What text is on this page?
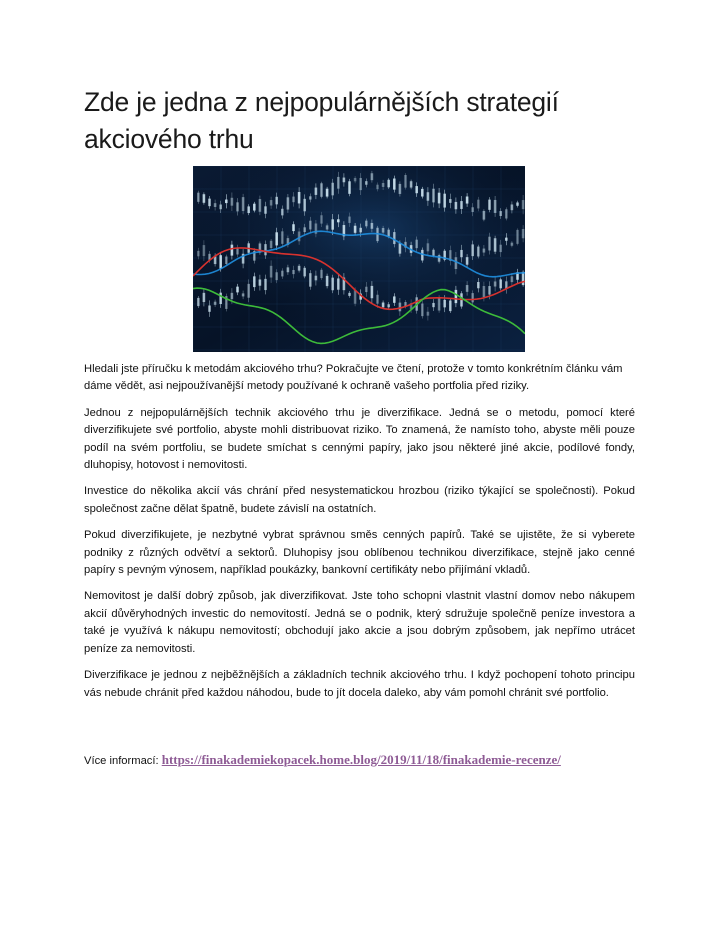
Zde je jedna z nejpopulárnějších strategií akciového trhu

Hledali jste příručku k metodám akciového trhu? Pokračujte ve čtení, protože v tomto konkrétním článku vám dáme vědět, asi nejpoužívanější metody používané k ochraně vašeho portfolia před riziky.

Jednou z nejpopulárnějších technik akciového trhu je diverzifikace. Jedná se o metodu, pomocí které diverzifikujete své portfolio, abyste mohli distribuovat riziko. To znamená, že namísto toho, abyste měli pouze podíl na svém portfoliu, se budete smíchat s cennými papíry, jako jsou některé jiné akcie, podílové fondy, dluhopisy, hotovost i nemovitosti.

Investice do několika akcií vás chrání před nesystematickou hrozbou (riziko týkající se společnosti). Pokud společnost začne dělat špatně, budete závislí na ostatních.

Pokud diverzifikujete, je nezbytné vybrat správnou směs cenných papírů. Také se ujistěte, že si vyberete podniky z různých odvětví a sektorů. Dluhopisy jsou oblíbenou technikou diverzifikace, stejně jako cenné papíry s pevným výnosem, například poukázky, bankovní certifikáty nebo přijímání vkladů.

Nemovitost je další dobrý způsob, jak diverzifikovat. Jste toho schopni vlastnit vlastní domov nebo nákupem akcií důvěryhodných investic do nemovitostí. Jedná se o podnik, který sdružuje společně peníze investora a také je využívá k nákupu nemovitostí; obchodují jako akcie a jsou dobrým způsobem, jak nepřímo utrácet peníze za nemovitosti.

Diverzifikace je jednou z nejběžnějších a základních technik akciového trhu. I když pochopení tohoto principu vás nebude chránit před každou náhodou, bude to jít docela daleko, aby vám pomohl chránit své portfolio.

Více informací: https://finakademiekopacek.home.blog/2019/11/18/finakademie-recenze/
